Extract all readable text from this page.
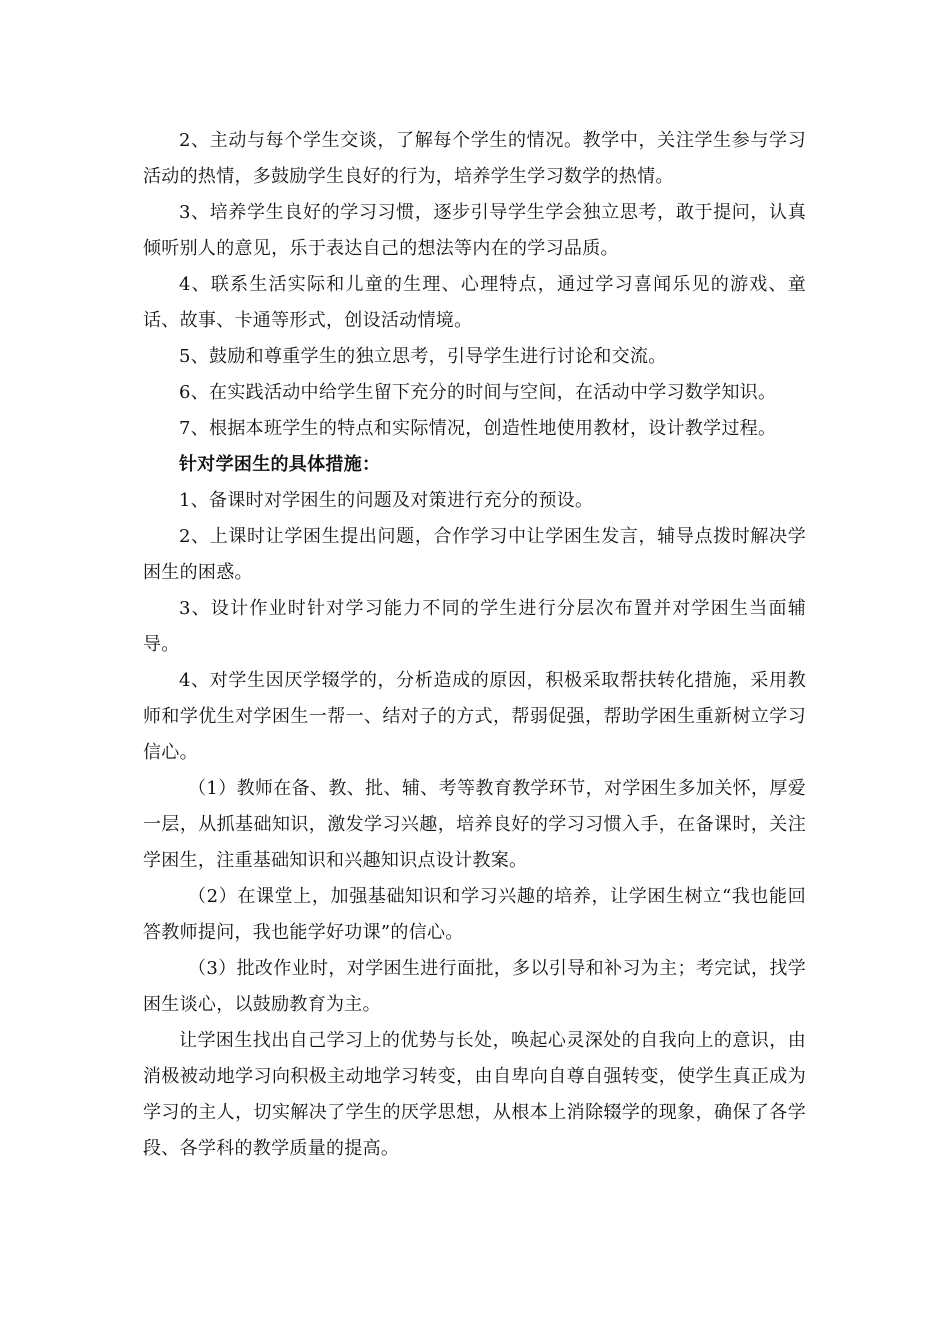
2、主动与每个学生交谈，了解每个学生的情况。教学中，关注学生参与学习活动的热情，多鼓励学生良好的行为，培养学生学习数学的热情。

3、培养学生良好的学习习惯，逐步引导学生学会独立思考，敢于提问，认真倾听别人的意见，乐于表达自己的想法等内在的学习品质。

4、联系生活实际和儿童的生理、心理特点，通过学习喜闻乐见的游戏、童话、故事、卡通等形式，创设活动情境。

5、鼓励和尊重学生的独立思考，引导学生进行讨论和交流。

6、在实践活动中给学生留下充分的时间与空间，在活动中学习数学知识。

7、根据本班学生的特点和实际情况，创造性地使用教材，设计教学过程。

针对学困生的具体措施：

1、备课时对学困生的问题及对策进行充分的预设。

2、上课时让学困生提出问题，合作学习中让学困生发言，辅导点拨时解决学困生的困惑。

3、设计作业时针对学习能力不同的学生进行分层次布置并对学困生当面辅导。

4、对学生因厌学辍学的，分析造成的原因，积极采取帮扶转化措施，采用教师和学优生对学困生一帮一、结对子的方式，帮弱促强，帮助学困生重新树立学习信心。

（1）教师在备、教、批、辅、考等教育教学环节，对学困生多加关怀，厚爱一层，从抓基础知识，激发学习兴趣，培养良好的学习习惯入手，在备课时，关注学困生，注重基础知识和兴趣知识点设计教案。

（2）在课堂上，加强基础知识和学习兴趣的培养，让学困生树立“我也能回答教师提问，我也能学好功课”的信心。

（3）批改作业时，对学困生进行面批，多以引导和补习为主；考完试，找学困生谈心，以鼓励教育为主。

让学困生找出自己学习上的优势与长处，唤起心灵深处的自我向上的意识，由消极被动地学习向积极主动地学习转变，由自卑向自尊自强转变，使学生真正成为学习的主人，切实解决了学生的厌学思想，从根本上消除辍学的现象，确保了各学段、各学科的教学质量的提高。
